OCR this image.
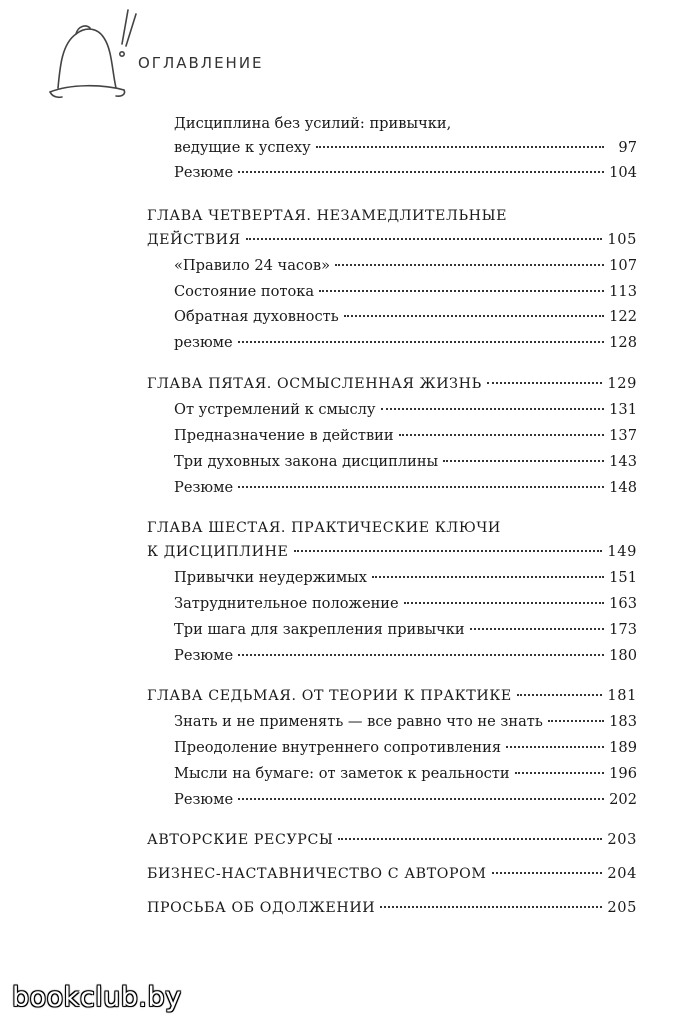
ОГЛАВЛЕНИЕ
Дисциплина без усилий: привычки,
ведущие к успеху	97
Резюме	104
ГЛАВА ЧЕТВЕРТАЯ. НЕЗАМЕДЛИТЕЛЬНЫЕ
ДЕЙСТВИЯ	105
«Правило 24 часов»	107
Состояние потока	113
Обратная духовность	122
резюме	128
ГЛАВА ПЯТАЯ. ОСМЫСЛЕННАЯ ЖИЗНЬ	129
От устремлений к смыслу	131
Предназначение в действии	137
Три духовных закона дисциплины	143
Резюме	148
ГЛАВА ШЕСТАЯ. ПРАКТИЧЕСКИЕ КЛЮЧИ
К ДИСЦИПЛИНЕ	149
Привычки неудержимых	151
Затруднительное положение	163
Три шага для закрепления привычки	173
Резюме	180
ГЛАВА СЕДЬМАЯ. ОТ ТЕОРИИ К ПРАКТИКЕ	181
Знать и не применять — все равно что не знать	183
Преодоление внутреннего сопротивления	189
Мысли на бумаге: от заметок к реальности	196
Резюме	202
АВТОРСКИЕ РЕСУРСЫ	203
БИЗНЕС-НАСТАВНИЧЕСТВО С АВТОРОМ	204
ПРОСЬБА ОБ ОДОЛЖЕНИИ	205
bookclub.by
